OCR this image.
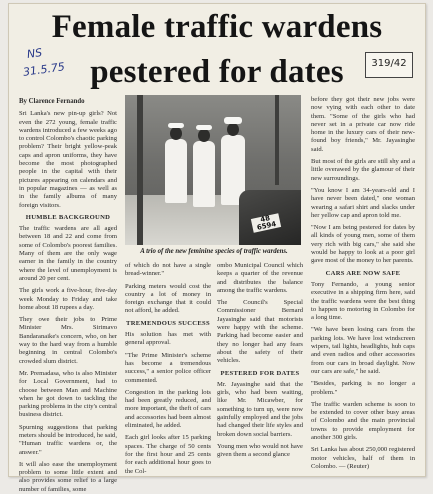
Female traffic wardens
pestered for dates
NS
31.5.75	319/42
By Clarence Fernando

Sri Lanka's new pin-up girls? Not even the 272 young, female traffic wardens introduced a few weeks ago to control Colombo's chaotic parking problem? Their bright yellow-peak caps and apron uniforms, they have become the most photographed people in the capital with their pictures appearing on calendars and in popular magazines — as well as in the family albums of many foreign visitors.

HUMBLE BACKGROUND

The traffic wardens are all aged between 18 and 22 and come from some of Colombo's poorest families. Many of them are the only wage earner in the family in the country where the level of unemployment is around 20 per cent.

The girls work a five-hour, five-day week Monday to Friday and take home about 18 rupees a day.

They owe their jobs to Prime Minister Mrs. Sirimavo Bandaranaike's concern, who, on her way to the hard way from a humble beginning in central Colombo's crowded slum district.

Mr. Premadasa, who is also Minister for Local Government, had to choose between Man and Machine when he got down to tackling the parking problems in the city's central business district.

Spurning suggestions that parking meters should be introduced, he said, "Human traffic wardens or, the answer."

It will also ease the unemployment problem to some little extent and also provides some relief to a large number of families, some

48 6594
A trio of the new feminine species of traffic wardens.

of which do not have a single bread-winner."

Parking meters would cost the country a lot of money in foreign exchange that it could not afford, he added.

TREMENDOUS SUCCESS

His solution has met with general approval.

"The Prime Minister's scheme has become a tremendous success," a senior police officer commented.

Congestion in the parking lots had been greatly reduced, and more important, the theft of cars and accessories had been almost eliminated, he added.

Each girl looks after 15 parking spaces. The charge of 50 cents for the first hour and 25 cents for each additional hour goes to the Col-

ombo Municipal Council which keeps a quarter of the revenue and distributes the balance among the traffic wardens.

The Council's Special Commissioner Bernard Jayasinghe said that motorists were happy with the scheme. Parking had become easier and they no longer had any fears about the safety of their vehicles.

PESTERED FOR DATES

Mr. Jayasinghe said that the girls, who had been waiting, like Mr. Micawber, for something to turn up, were now gainfully employed and the jobs had changed their life styles and broken down social barriers.

Young men who would not have given them a second glance

before they got their new jobs were now vying with each other to date them. "Some of the girls who had never set in a private car now ride home in the luxury cars of their new-found boy friends," Mr. Jayasinghe said.

But most of the girls are still shy and a little overawed by the glamour of their new surroundings.

"You know I am 34-years-old and I have never been dated," one woman wearing a safari shirt and slacks under her yellow cap and apron told me.

"Now I am being pestered for dates by all kinds of young men, some of them very rich with big cars," she said she would be happy to look at a poor girl gave most of the money to her parents.

CARS ARE NOW SAFE

Tony Fernando, a young senior executive in a shipping firm here, said the traffic wardens were the best thing to happen to motoring in Colombo for a long time.

"We have been losing cars from the parking lots. We have lost windscreen wipers, tail lights, headlights, hub caps and even radios and other accessories from our cars in broad daylight. Now our cars are safe," he said.

"Besides, parking is no longer a problem."

The traffic warden scheme is soon to be extended to cover other busy areas of Colombo and the main provincial towns to provide employment for another 300 girls.

Sri Lanka has about 250,000 registered motor vehicles, half of them in Colombo. — (Reuter)
